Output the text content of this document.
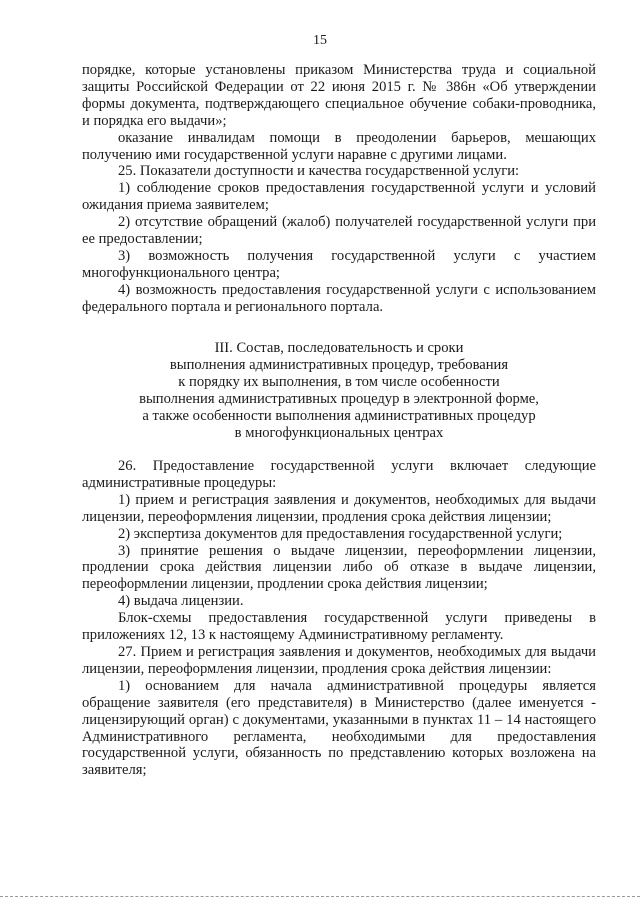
15

порядке, которые установлены приказом Министерства труда и социальной защиты Российской Федерации от 22 июня 2015 г. № 386н «Об утверждении формы документа, подтверждающего специальное обучение собаки-проводника, и порядка его выдачи»;

оказание инвалидам помощи в преодолении барьеров, мешающих получению ими государственной услуги наравне с другими лицами.

25. Показатели доступности и качества государственной услуги:

1) соблюдение сроков предоставления государственной услуги и условий ожидания приема заявителем;

2) отсутствие обращений (жалоб) получателей государственной услуги при ее предоставлении;

3) возможность получения государственной услуги с участием многофункционального центра;

4) возможность предоставления государственной услуги с использованием федерального портала и регионального портала.

III. Состав, последовательность и сроки
выполнения административных процедур, требования
к порядку их выполнения, в том числе особенности
выполнения административных процедур в электронной форме,
а также особенности выполнения административных процедур
в многофункциональных центрах

26. Предоставление государственной услуги включает следующие административные процедуры:

1) прием и регистрация заявления и документов, необходимых для выдачи лицензии, переоформления лицензии, продления срока действия лицензии;

2) экспертиза документов для предоставления государственной услуги;

3) принятие решения о выдаче лицензии, переоформлении лицензии, продлении срока действия лицензии либо об отказе в выдаче лицензии, переоформлении лицензии, продлении срока действия лицензии;

4) выдача лицензии.

Блок-схемы предоставления государственной услуги приведены в приложениях 12, 13 к настоящему Административному регламенту.

27. Прием и регистрация заявления и документов, необходимых для выдачи лицензии, переоформления лицензии, продления срока действия лицензии:

1) основанием для начала административной процедуры является обращение заявителя (его представителя) в Министерство (далее именуется - лицензирующий орган) с документами, указанными в пунктах 11 – 14 настоящего Административного регламента, необходимыми для предоставления государственной услуги, обязанность по представлению которых возложена на заявителя;
